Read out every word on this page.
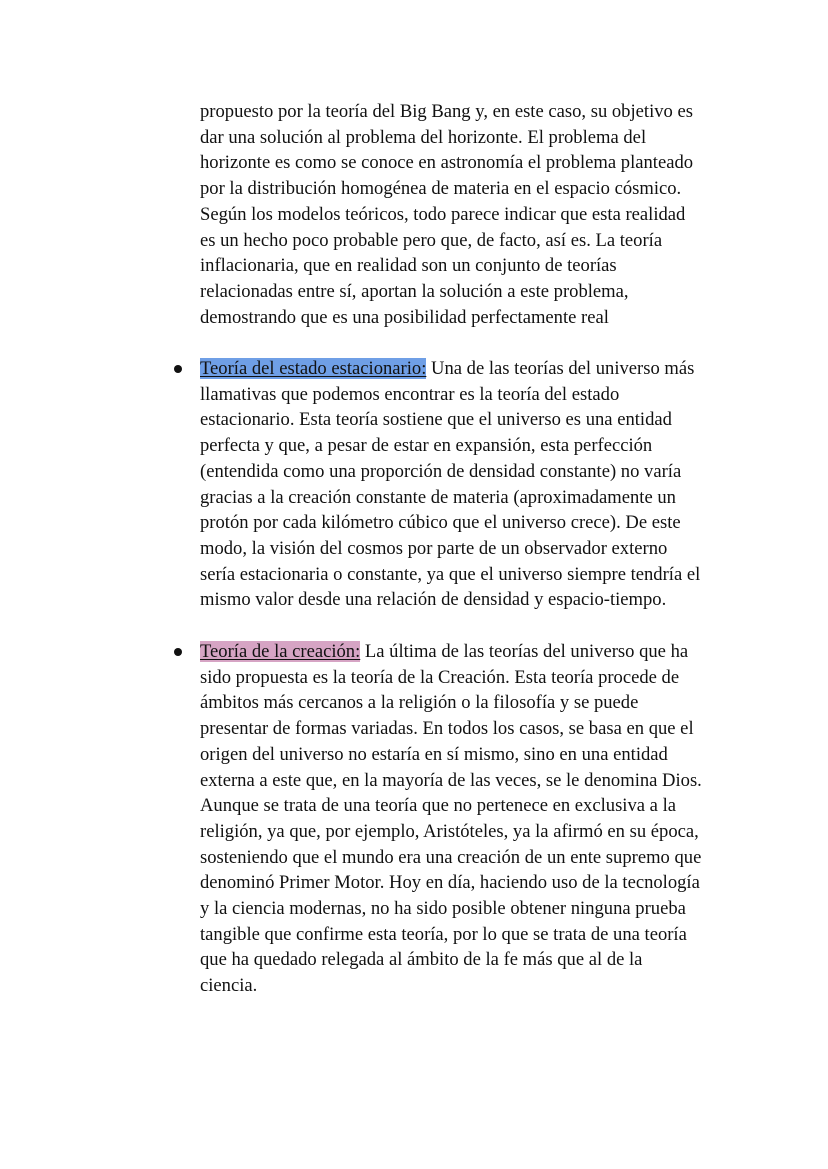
propuesto por la teoría del Big Bang y, en este caso, su objetivo es
dar una solución al problema del horizonte. El problema del
horizonte es como se conoce en astronomía el problema planteado
por la distribución homogénea de materia en el espacio cósmico.
Según los modelos teóricos, todo parece indicar que esta realidad
es un hecho poco probable pero que, de facto, así es. La teoría
inflacionaria, que en realidad son un conjunto de teorías
relacionadas entre sí, aportan la solución a este problema,
demostrando que es una posibilidad perfectamente real

Teoría del estado estacionario: Una de las teorías del universo más
llamativas que podemos encontrar es la teoría del estado
estacionario. Esta teoría sostiene que el universo es una entidad
perfecta y que, a pesar de estar en expansión, esta perfección
(entendida como una proporción de densidad constante) no varía
gracias a la creación constante de materia (aproximadamente un
protón por cada kilómetro cúbico que el universo crece). De este
modo, la visión del cosmos por parte de un observador externo
sería estacionaria o constante, ya que el universo siempre tendría el
mismo valor desde una relación de densidad y espacio-tiempo.

Teoría de la creación: La última de las teorías del universo que ha
sido propuesta es la teoría de la Creación. Esta teoría procede de
ámbitos más cercanos a la religión o la filosofía y se puede
presentar de formas variadas. En todos los casos, se basa en que el
origen del universo no estaría en sí mismo, sino en una entidad
externa a este que, en la mayoría de las veces, se le denomina Dios.
Aunque se trata de una teoría que no pertenece en exclusiva a la
religión, ya que, por ejemplo, Aristóteles, ya la afirmó en su época,
sosteniendo que el mundo era una creación de un ente supremo que
denominó Primer Motor. Hoy en día, haciendo uso de la tecnología
y la ciencia modernas, no ha sido posible obtener ninguna prueba
tangible que confirme esta teoría, por lo que se trata de una teoría
que ha quedado relegada al ámbito de la fe más que al de la
ciencia.
